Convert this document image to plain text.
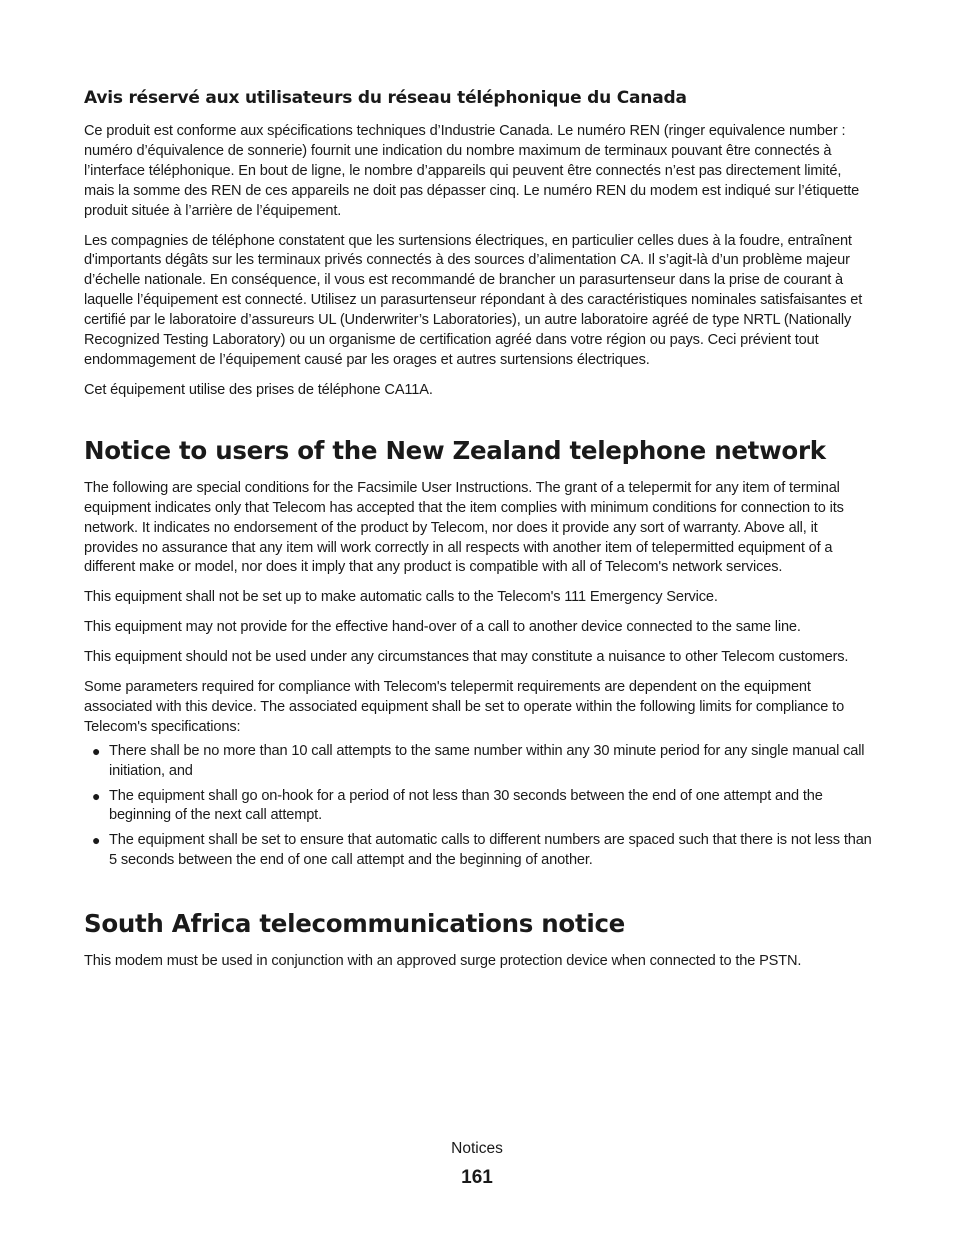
Avis réservé aux utilisateurs du réseau téléphonique du Canada

Ce produit est conforme aux spécifications techniques d’Industrie Canada. Le numéro REN (ringer equivalence number : numéro d’équivalence de sonnerie) fournit une indication du nombre maximum de terminaux pouvant être connectés à l’interface téléphonique. En bout de ligne, le nombre d’appareils qui peuvent être connectés n’est pas directement limité, mais la somme des REN de ces appareils ne doit pas dépasser cinq. Le numéro REN du modem est indiqué sur l’étiquette produit située à l’arrière de l’équipement.

Les compagnies de téléphone constatent que les surtensions électriques, en particulier celles dues à la foudre, entraînent d'importants dégâts sur les terminaux privés connectés à des sources d’alimentation CA. Il s’agit-là d’un problème majeur d’échelle nationale. En conséquence, il vous est recommandé de brancher un parasurtenseur dans la prise de courant à laquelle l’équipement est connecté. Utilisez un parasurtenseur répondant à des caractéristiques nominales satisfaisantes et certifié par le laboratoire d’assureurs UL (Underwriter’s Laboratories), un autre laboratoire agréé de type NRTL (Nationally Recognized Testing Laboratory) ou un organisme de certification agréé dans votre région ou pays. Ceci prévient tout endommagement de l’équipement causé par les orages et autres surtensions électriques.

Cet équipement utilise des prises de téléphone CA11A.

Notice to users of the New Zealand telephone network

The following are special conditions for the Facsimile User Instructions. The grant of a telepermit for any item of terminal equipment indicates only that Telecom has accepted that the item complies with minimum conditions for connection to its network. It indicates no endorsement of the product by Telecom, nor does it provide any sort of warranty. Above all, it provides no assurance that any item will work correctly in all respects with another item of telepermitted equipment of a different make or model, nor does it imply that any product is compatible with all of Telecom's network services.

This equipment shall not be set up to make automatic calls to the Telecom's 111 Emergency Service.

This equipment may not provide for the effective hand-over of a call to another device connected to the same line.

This equipment should not be used under any circumstances that may constitute a nuisance to other Telecom customers.

Some parameters required for compliance with Telecom's telepermit requirements are dependent on the equipment associated with this device. The associated equipment shall be set to operate within the following limits for compliance to Telecom's specifications:

● There shall be no more than 10 call attempts to the same number within any 30 minute period for any single manual call initiation, and
● The equipment shall go on-hook for a period of not less than 30 seconds between the end of one attempt and the beginning of the next call attempt.
● The equipment shall be set to ensure that automatic calls to different numbers are spaced such that there is not less than 5 seconds between the end of one call attempt and the beginning of another.
South Africa telecommunications notice

This modem must be used in conjunction with an approved surge protection device when connected to the PSTN.

Notices
161
